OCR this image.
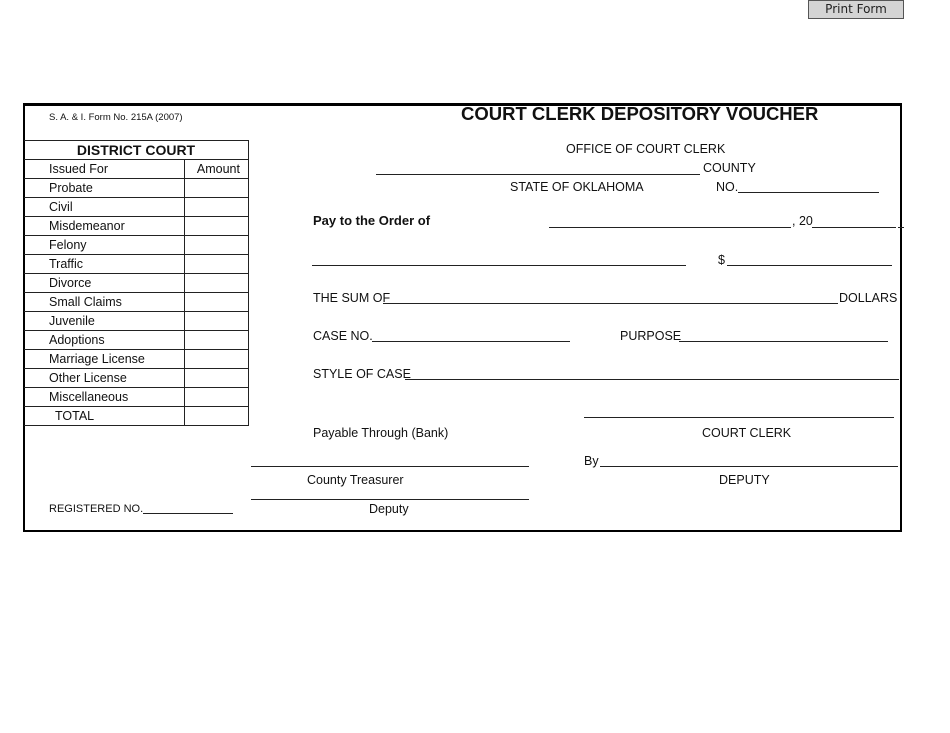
Print Form
S. A. & I. Form No. 215A (2007)	COURT CLERK DEPOSITORY VOUCHER
DISTRICT COURT	
Issued For	Amount
Probate	
Civil	
Misdemeanor	
Felony	
Traffic	
Divorce	
Small Claims	
Juvenile	
Adoptions	
Marriage License	
Other License	
Miscellaneous	
TOTAL	
OFFICE OF COURT CLERK
COUNTY
STATE OF OKLAHOMA	NO.
Pay to the Order of	, 20
$
THE SUM OF	DOLLARS
CASE NO.	PURPOSE
STYLE OF CASE
Payable Through (Bank)	COURT CLERK
By
County Treasurer	DEPUTY
Deputy
REGISTERED NO.
